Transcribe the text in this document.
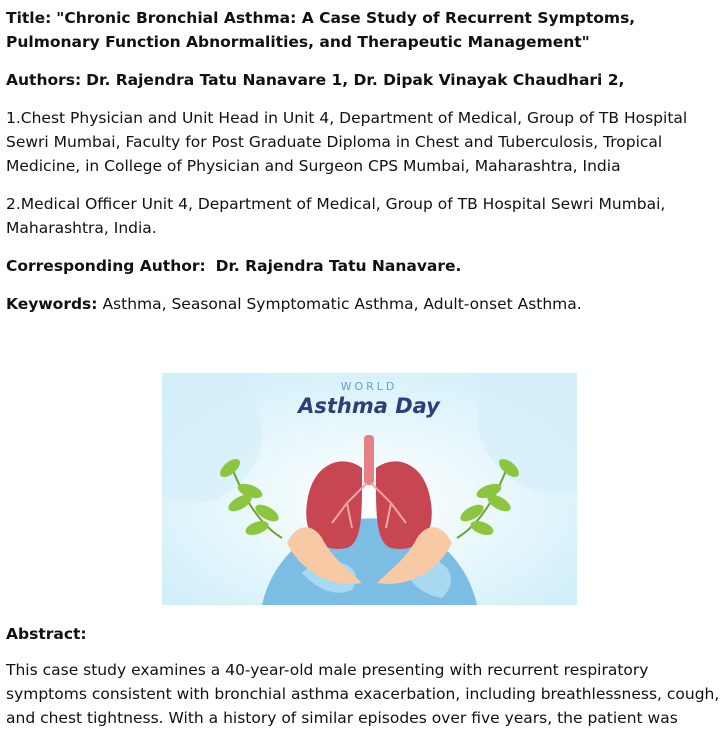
Title: "Chronic Bronchial Asthma: A Case Study of Recurrent Symptoms, Pulmonary Function Abnormalities, and Therapeutic Management"

Authors: Dr. Rajendra Tatu Nanavare 1, Dr. Dipak Vinayak Chaudhari 2,

1.Chest Physician and Unit Head in Unit 4, Department of Medical, Group of TB Hospital Sewri Mumbai, Faculty for Post Graduate Diploma in Chest and Tuberculosis, Tropical Medicine, in College of Physician and Surgeon CPS Mumbai, Maharashtra, India

2.Medical Officer Unit 4, Department of Medical, Group of TB Hospital Sewri Mumbai, Maharashtra, India.

Corresponding Author: Dr. Rajendra Tatu Nanavare.

Keywords: Asthma, Seasonal Symptomatic Asthma, Adult-onset Asthma.

WORLD
Asthma Day

Abstract:

This case study examines a 40-year-old male presenting with recurrent respiratory symptoms consistent with bronchial asthma exacerbation, including breathlessness, cough, and chest tightness. With a history of similar episodes over five years, the patient was
